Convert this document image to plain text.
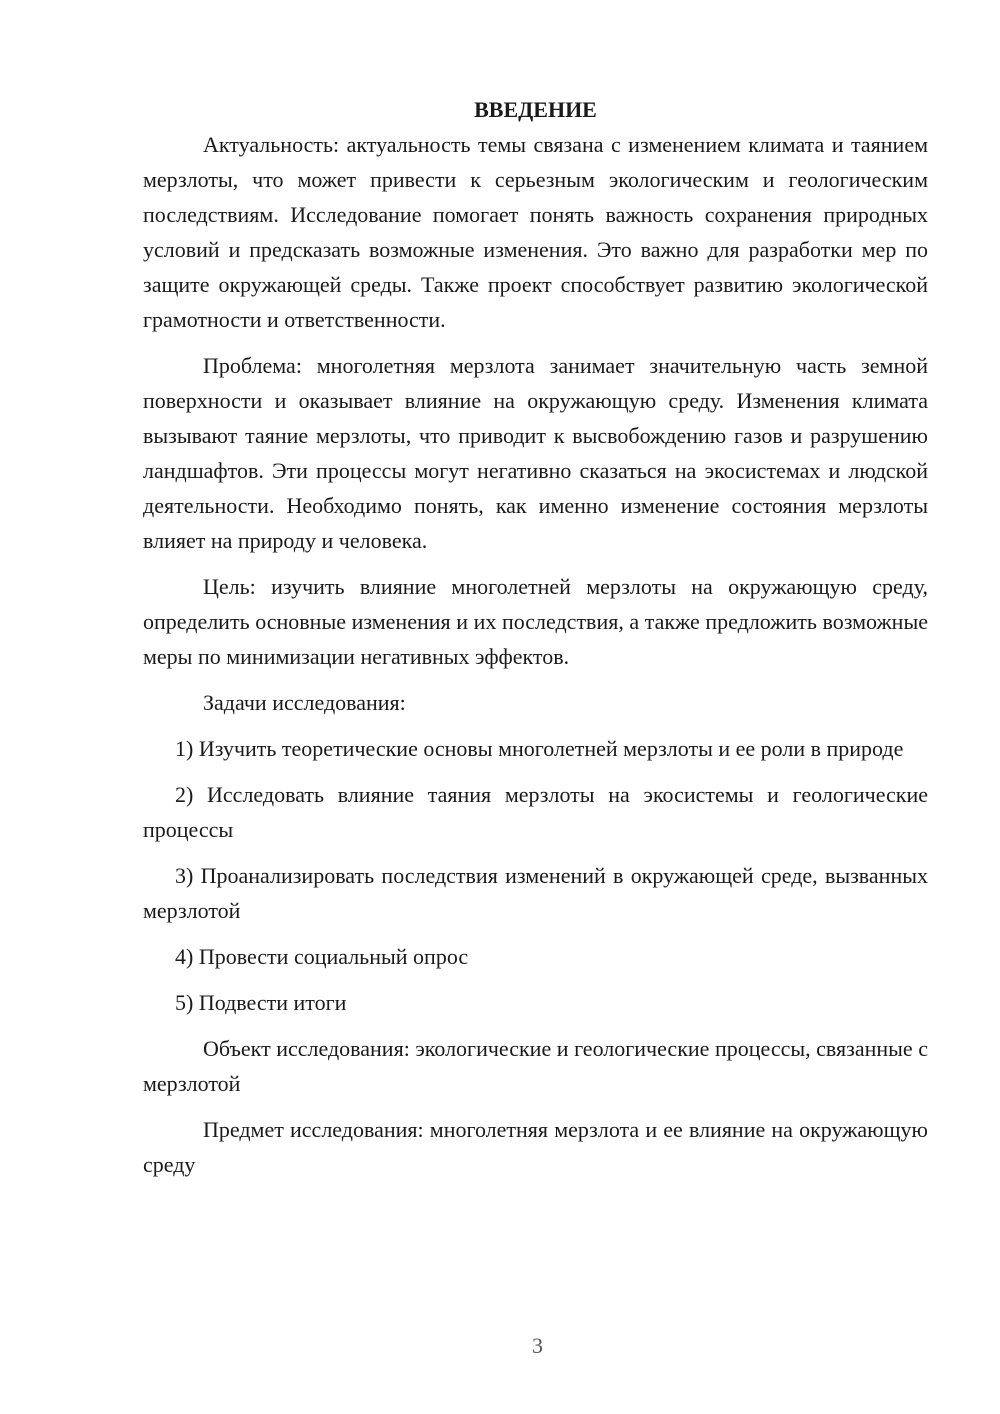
ВВЕДЕНИЕ

Актуальность: актуальность темы связана с изменением климата и таянием мерзлоты, что может привести к серьезным экологическим и геологическим последствиям. Исследование помогает понять важность сохранения природных условий и предсказать возможные изменения. Это важно для разработки мер по защите окружающей среды. Также проект способствует развитию экологической грамотности и ответственности.

Проблема: многолетняя мерзлота занимает значительную часть земной поверхности и оказывает влияние на окружающую среду. Изменения климата вызывают таяние мерзлоты, что приводит к высвобождению газов и разрушению ландшафтов. Эти процессы могут негативно сказаться на экосистемах и людской деятельности. Необходимо понять, как именно изменение состояния мерзлоты влияет на природу и человека.

Цель: изучить влияние многолетней мерзлоты на окружающую среду, определить основные изменения и их последствия, а также предложить возможные меры по минимизации негативных эффектов.

Задачи исследования:

1) Изучить теоретические основы многолетней мерзлоты и ее роли в природе

2) Исследовать влияние таяния мерзлоты на экосистемы и геологические процессы

3) Проанализировать последствия изменений в окружающей среде, вызванных мерзлотой

4) Провести социальный опрос

5) Подвести итоги

Объект исследования: экологические и геологические процессы, связанные с мерзлотой

Предмет исследования: многолетняя мерзлота и ее влияние на окружающую среду

3
